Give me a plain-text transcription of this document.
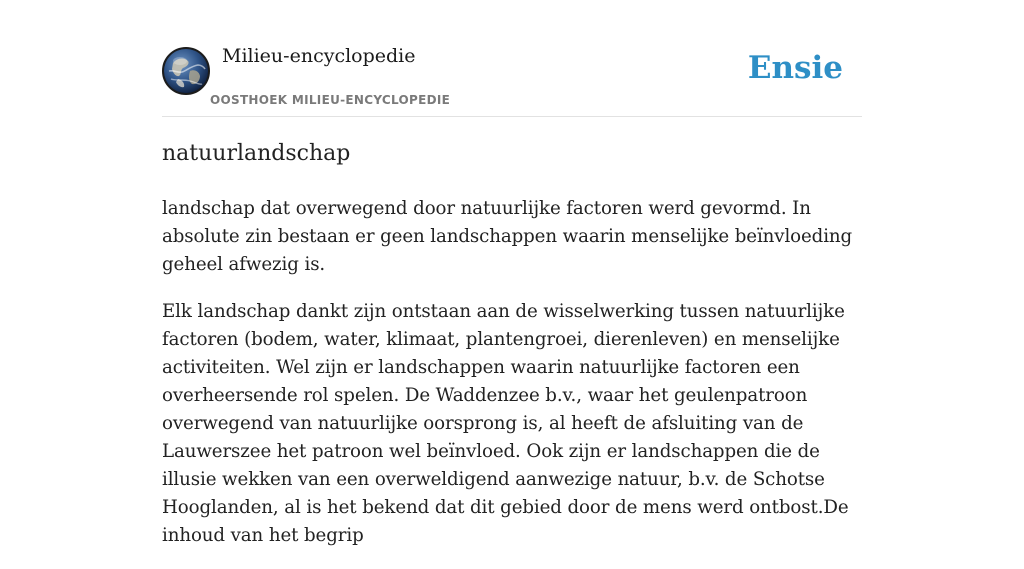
Milieu-encyclopedie
OOSTHOEK MILIEU-ENCYCLOPEDIE
Ensie
natuurlandschap

landschap dat overwegend door natuurlijke factoren werd gevormd. In absolute zin bestaan er geen landschappen waarin menselijke beïnvloeding geheel afwezig is.

Elk landschap dankt zijn ontstaan aan de wisselwerking tussen natuurlijke factoren (bodem, water, klimaat, plantengroei, dierenleven) en menselijke activiteiten. Wel zijn er landschappen waarin natuurlijke factoren een overheersende rol spelen. De Waddenzee b.v., waar het geulenpatroon overwegend van natuurlijke oorsprong is, al heeft de afsluiting van de Lauwerszee het patroon wel beïnvloed. Ook zijn er landschappen die de illusie wekken van een overweldigend aanwezige natuur, b.v. de Schotse Hooglanden, al is het bekend dat dit gebied door de mens werd ontbost.De inhoud van het begrip
